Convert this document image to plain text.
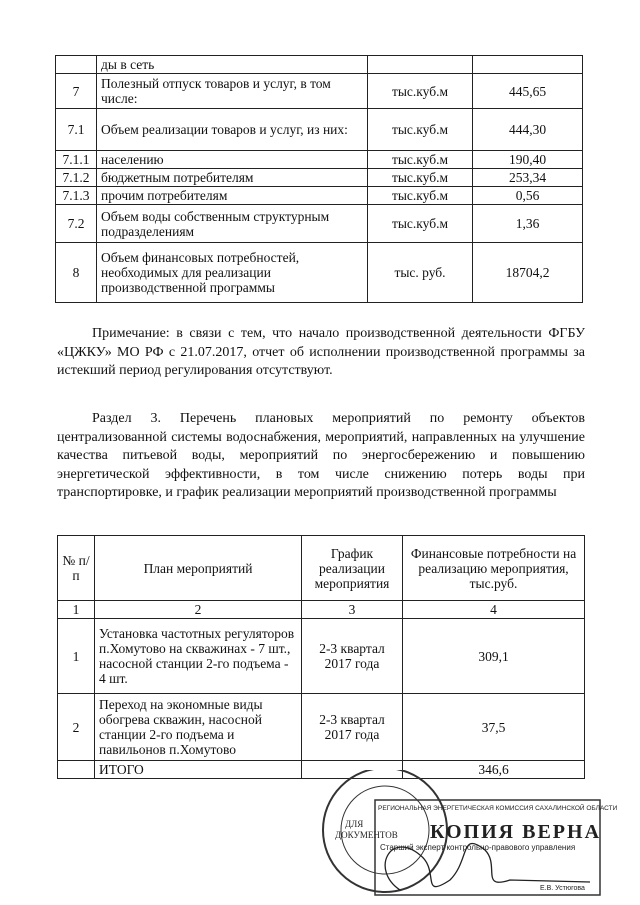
	ды в сеть		
7	Полезный отпуск товаров и услуг, в том числе:	тыс.куб.м	445,65
7.1	Объем реализации товаров и услуг, из них:	тыс.куб.м	444,30
7.1.1	населению	тыс.куб.м	190,40
7.1.2	бюджетным потребителям	тыс.куб.м	253,34
7.1.3	прочим потребителям	тыс.куб.м	0,56
7.2	Объем воды собственным структурным подразделениям	тыс.куб.м	1,36
8	Объем финансовых потребностей, необходимых для реализации производственной программы	тыс. руб.	18704,2
Примечание: в связи с тем, что начало производственной деятельности ФГБУ «ЦЖКУ» МО РФ с 21.07.2017, отчет об исполнении производственной программы за истекший период регулирования отсутствуют.
Раздел 3. Перечень плановых мероприятий по ремонту объектов централизованной системы водоснабжения, мероприятий, направленных на улучшение качества питьевой воды, мероприятий по энергосбережению и повышению энергетической эффективности, в том числе снижению потерь воды при транспортировке, и график реализации мероприятий производственной программы
№ п/п	План мероприятий	График реализации мероприятия	Финансовые потребности на реализацию мероприятия, тыс.руб.
1	2	3	4
1	Установка частотных регуляторов п.Хомутово на скважинах - 7 шт., насосной станции 2-го подъема - 4 шт.	2-3 квартал 2017 года	309,1
2	Переход на экономные виды обогрева скважин, насосной станции 2-го подъема и павильонов п.Хомутово	2-3 квартал 2017 года	37,5
	ИТОГО		346,6
РЕГИОНАЛЬНАЯ ЭНЕРГЕТИЧЕСКАЯ КОМИССИЯ САХАЛИНСКОЙ ОБЛАСТИ
ДЛЯ
ДОКУМЕНТОВ КОПИЯ ВЕРНА
Старший эксперт контрольно-правового управления
Е.В. Устюгова
